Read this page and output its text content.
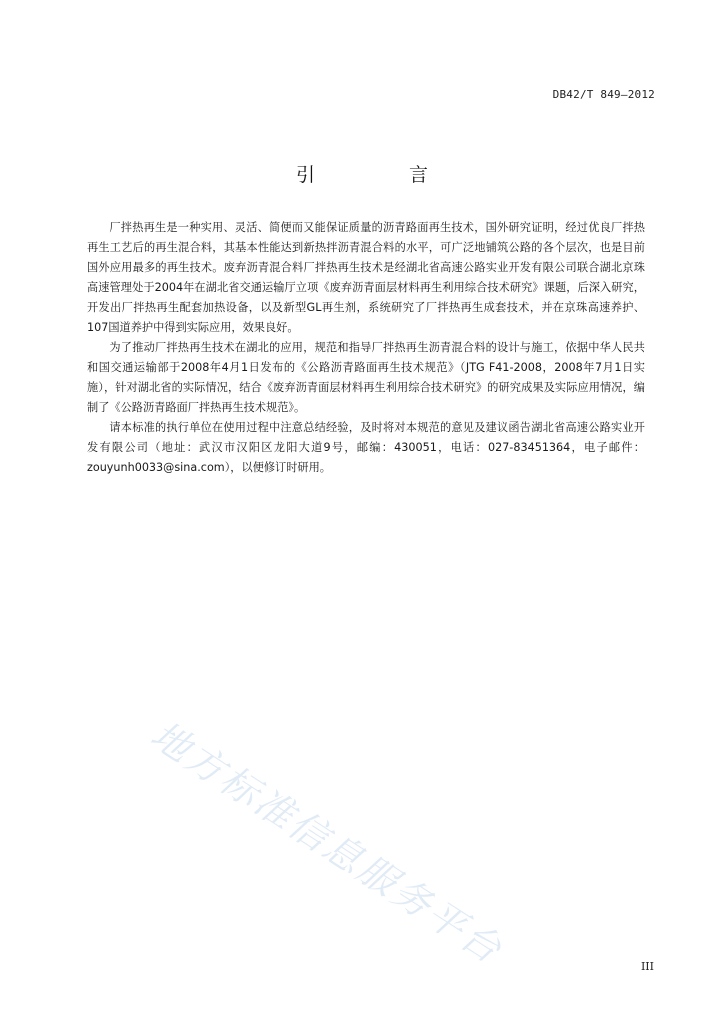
DB42/T 849—2012
引 言

厂拌热再生是一种实用、灵活、简便而又能保证质量的沥青路面再生技术，国外研究证明，经过优良厂拌热再生工艺后的再生混合料，其基本性能达到新热拌沥青混合料的水平，可广泛地铺筑公路的各个层次，也是目前国外应用最多的再生技术。废弃沥青混合料厂拌热再生技术是经湖北省高速公路实业开发有限公司联合湖北京珠高速管理处于2004年在湖北省交通运输厅立项《废弃沥青面层材料再生利用综合技术研究》课题，后深入研究，开发出厂拌热再生配套加热设备，以及新型GL再生剂，系统研究了厂拌热再生成套技术，并在京珠高速养护、107国道养护中得到实际应用，效果良好。

为了推动厂拌热再生技术在湖北的应用，规范和指导厂拌热再生沥青混合料的设计与施工，依据中华人民共和国交通运输部于2008年4月1日发布的《公路沥青路面再生技术规范》（JTG F41-2008，2008年7月1日实施），针对湖北省的实际情况，结合《废弃沥青面层材料再生利用综合技术研究》的研究成果及实际应用情况，编制了《公路沥青路面厂拌热再生技术规范》。

请本标准的执行单位在使用过程中注意总结经验，及时将对本规范的意见及建议函告湖北省高速公路实业开发有限公司（地址：武汉市汉阳区龙阳大道9号，邮编：430051，电话：027-83451364，电子邮件：zouyunh0033@sina.com），以便修订时研用。

地方标准信息服务平台	III
